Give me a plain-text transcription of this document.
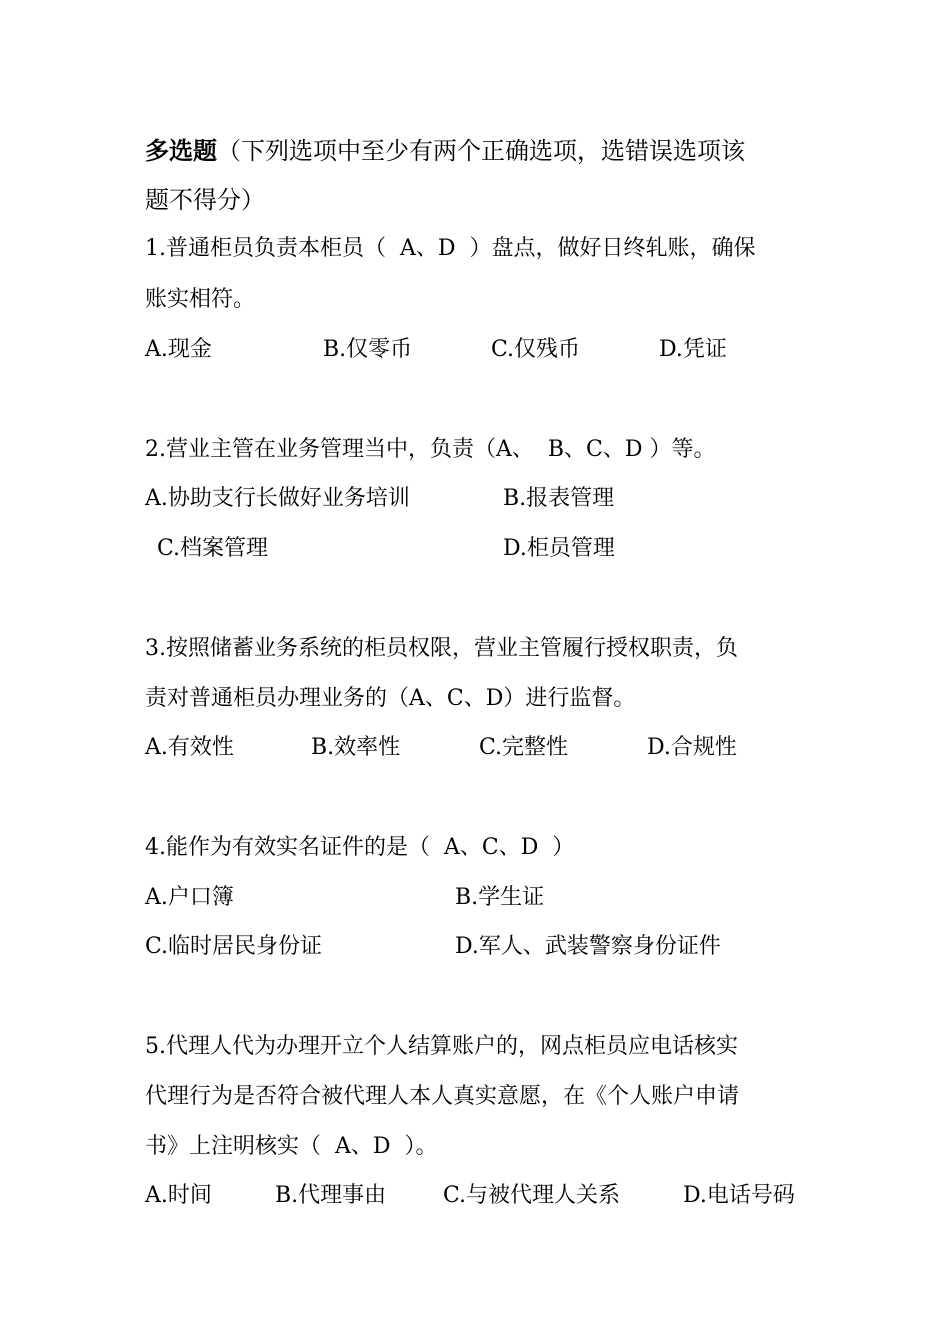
多选题（下列选项中至少有两个正确选项，选错误选项该
题不得分）
1.普通柜员负责本柜员（  A、D  ）盘点，做好日终轧账，确保
账实相符。
A.现金	B.仅零币	C.仅残币	D.凭证
2.营业主管在业务管理当中，负责（A、  B、C、D ）等。
A.协助支行长做好业务培训	B.报表管理
C.档案管理	D.柜员管理
3.按照储蓄业务系统的柜员权限，营业主管履行授权职责，负
责对普通柜员办理业务的（A、C、D）进行监督。
A.有效性	B.效率性	C.完整性	D.合规性
4.能作为有效实名证件的是（  A、C、D  ）
A.户口簿	B.学生证
C.临时居民身份证	D.军人、武装警察身份证件
5.代理人代为办理开立个人结算账户的，网点柜员应电话核实
代理行为是否符合被代理人本人真实意愿，在《个人账户申请
书》上注明核实（  A、D  ）。
A.时间	B.代理事由	C.与被代理人关系	D.电话号码
